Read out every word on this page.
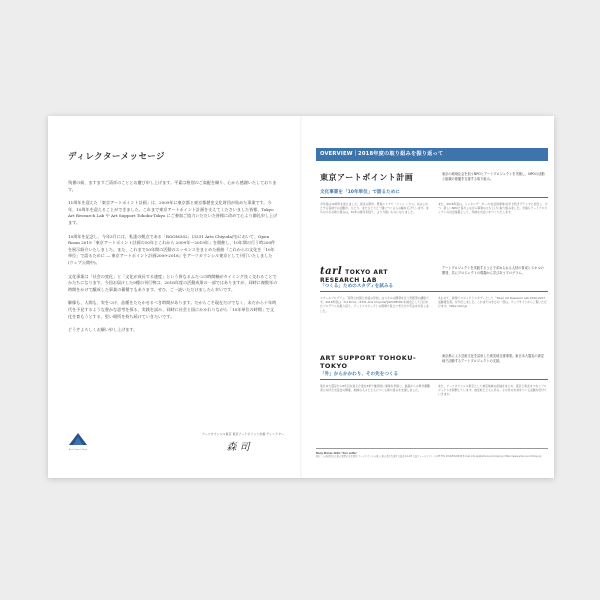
ディレクターメッセージ

残暑の候、ますますご清祥のこととお慶び申し上げます。平素は格別のご高配を賜り、心から感謝いたしております。

11周年を迎えた「東京アートポイント計画」は、2009年に東京都と東京都歴史文化財団が始めた事業です。今年、10周年を迎えることができました。これまで東京アートポイント計画を支えてくださいました皆様、Tokyo Art Research Lab や Art Support Tohoku-Tokyo にご参加ご協力いただいた皆様に改めて心より御礼申し上げます。

10周年を記念し、今年3月には、私達の拠点である「ROOM302」(3331 Arts Chiyoda内)において、Open Room 2019「東京アートポイント計画の10年とこれから 2009年〜2019年」を開催し、10年間の行う時200件を展示紹介いたしました。また、これまで10年間の活動のエッセンスをまとめた冊曲『これからの文化を「10年単位」で語るために ― 東京アートポイント計画2009-2018』をアーツカウンシル東京として刊行いたしました(ウェブ公開中)。

文化事業は「社会の変化」と「文化が成長する速度」という異なるふたつの時間軸がタイミング良く交わることでかたちになります。今回お届けした9種の刊行物は、2018年度の活動成果の一部ではありますが、同時に複数年の時間をかけて醸成した事業の蓄積でもあります。ぜひ、ご一読いただけましたら幸いです。

解像も、人間も、実をつけ、品種をたたかせるべき時間があります。だからこそ現在だけでなく、未だから十年時代を予見するような豊かな思考を探る、実践を試み、同時に社会と国にかかわりながら「10年単位の時間」で文化を育もうとする、堅い場所を持ち続けていきたいです。

どうぞよろしくお願い申し上げます。

Arts Council Tokyo
アーツカウンシル東京 東京アートポイント計画 ディレクター
森 司
OVERVIEW｜2018年度の取り組みを振り返って
東京アートポイント計画	東京の地域社会を担うNPOとアートプロジェクトを実施し、NPOの活動と組織の基盤を支援する取り組み。
文化事業を「10年単位」で語るために

今年度は10周年を迎えました。東京の都市、豊島エリアで「ファン ハウス」をはじめとする各地での活動が、ひとり、またひとりと一緒につくる人の輪を広げています。まちの小さな取り組みは、10年の歳月を経て、より力強いものになりました。

また、2018年度は、トッキング・ダーズ(社会的事業)を引き続きグランマに担当し、かつ、新しいNPOと協力しながら事業の立ち上げに取り組みました。今後もアートプロジェクトの社会基盤として、多様な出会いをつくりだします。

tarl TOKYO ART RESEARCH LAB
アートプロジェクトを実践するうえで求められる人材の育成とスキルの開発、共にプロジェクトの現場から学びあうプログラム。
「つくる」ためのスタディを試みる

スクールプログラム「思考と技術と対話の学校」はスキルの開発を行う実践型の講座です。2018年度は「Art Point」(3331 Arts Chiyoda内ROOM302)を拠点として行われたプログラムを振り返り、アートプロジェクトの現場で役立つ考え方や手法を共有しました。

あわせて、新規プロジェクトスタディとして「Tokyo Art Research Lab 2010-2017 活動報告書」を刊行しました。これまでの学びの一部は、ウェブサイトからご覧いただけます。https://tarl.jp

ART SUPPORT TOHOKU-TOKYO
東京都による芸術文化を活用した被災地支援事業。東日本大震災の被災地で活動するアートプロジェクトの支援。
「外」からかかわり、その先をつくる

東日本大震災から8年目を迎えた東北3県で継続的に事業を実施し、福島からの県外避難者に向けた交流会の開催、地域の人々とともにつくる取り組みを支援しました。

また、アーツカウンシル東京として被災地域の記録をまとめ、東京と東北をつなぐプロジェクトを展開しています。被災地とともに歩み、その先の未来をつくる活動を続けていきます。

Many Stones 2019 / Tour Letter
発行：公益財団法人東京都歴史文化財団 アーツカウンシル東京 東京都千代田区九段北4-1-28 九段ファーストプレイス8F TEL 03-6256-8435 E-mail info-ap@artscouncil-tokyo.jp https://www.artscouncil-tokyo.jp
